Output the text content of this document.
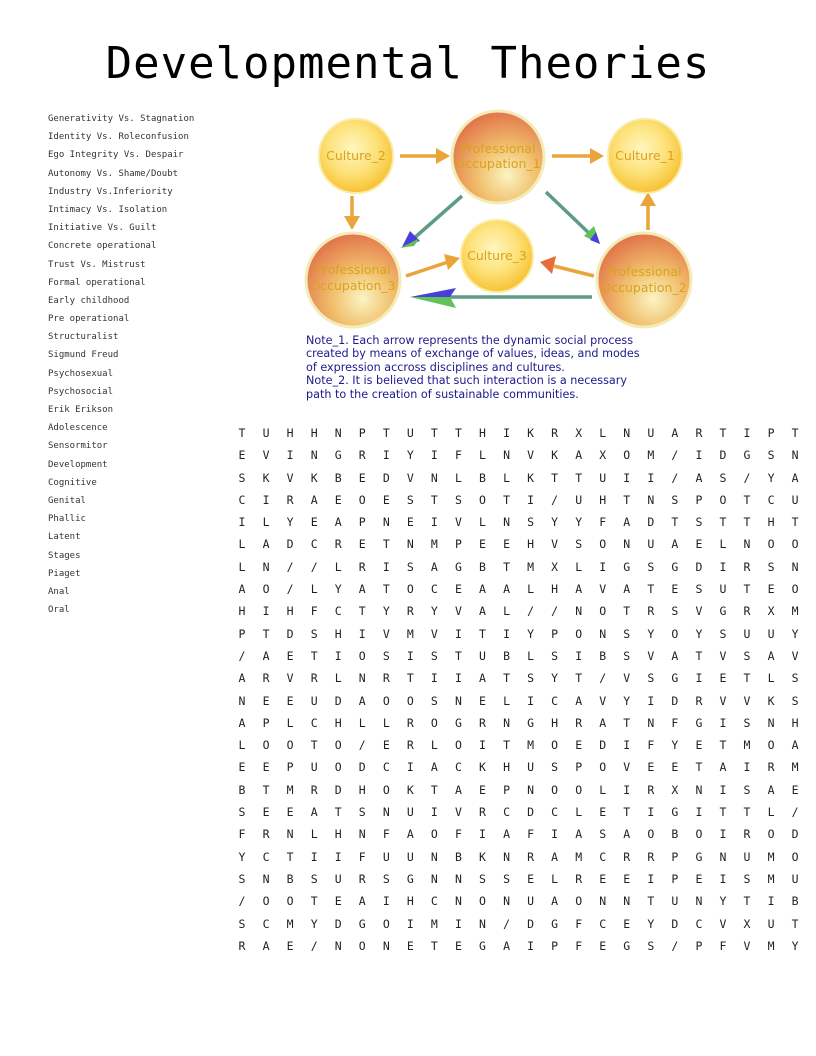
Developmental Theories
Generativity Vs. Stagnation
Identity Vs. Roleconfusion
Ego Integrity Vs. Despair
Autonomy Vs. Shame/Doubt
Industry Vs.Inferiority
Intimacy Vs. Isolation
Initiative Vs. Guilt
Concrete operational
Trust Vs. Mistrust
Formal operational
Early childhood
Pre operational
Structuralist
Sigmund Freud
Psychosexual
Psychosocial
Erik Erikson
Adolescence
Sensormitor
Development
Cognitive
Genital
Phallic
Latent
Stages
Piaget
Anal
Oral
Culture_2	Professional
Occupation_1
Culture_1
Culture_3
Professional
Occupation_3
Professional
Occupation_2

Note_1. Each arrow represents the dynamic social process

created by means of exchange of values, ideas, and modes

of expression accross disciplines and cultures.

Note_2. It is believed that such interaction is a necessary

path to the creation of sustainable communities.

T U H H N P T U T T H I K R X L N U A R T I P T
E V I N G R I Y I F L N V K A X O M / I D G S N
S K V K B E D V N L B L K T T U I I / A S / Y A
C I R A E O E S T S O T I / U H T N S P O T C U
I L Y E A P N E I V L N S Y Y F A D T S T T H T
L A D C R E T N M P E E H V S O N U A E L N O O
L N / / L R I S A G B T M X L I G S G D I R S N
A O / L Y A T O C E A A L H A V A T E S U T E O
H I H F C T Y R Y V A L / / N O T R S V G R X M
P T D S H I V M V I T I Y P O N S Y O Y S U U Y
/ A E T I O S I S T U B L S I B S V A T V S A V
A R V R L N R T I I A T S Y T / V S G I E T L S
N E E U D A O O S N E L I C A V Y I D R V V K S
A P L C H L L R O G R N G H R A T N F G I S N H
L O O T O / E R L O I T M O E D I F Y E T M O A
E E P U O D C I A C K H U S P O V E E T A I R M
B T M R D H O K T A E P N O O L I R X N I S A E
S E E A T S N U I V R C D C L E T I G I T T L /
F R N L H N F A O F I A F I A S A O B O I R O D
Y C T I I F U U N B K N R A M C R R P G N U M O
S N B S U R S G N N S S E L R E E I P E I S M U
/ O O T E A I H C N O N U A O N N T U N Y T I B
S C M Y D G O I M I N / D G F C E Y D C V X U T
R A E / N O N E T E G A I P F E G S / P F V M Y
